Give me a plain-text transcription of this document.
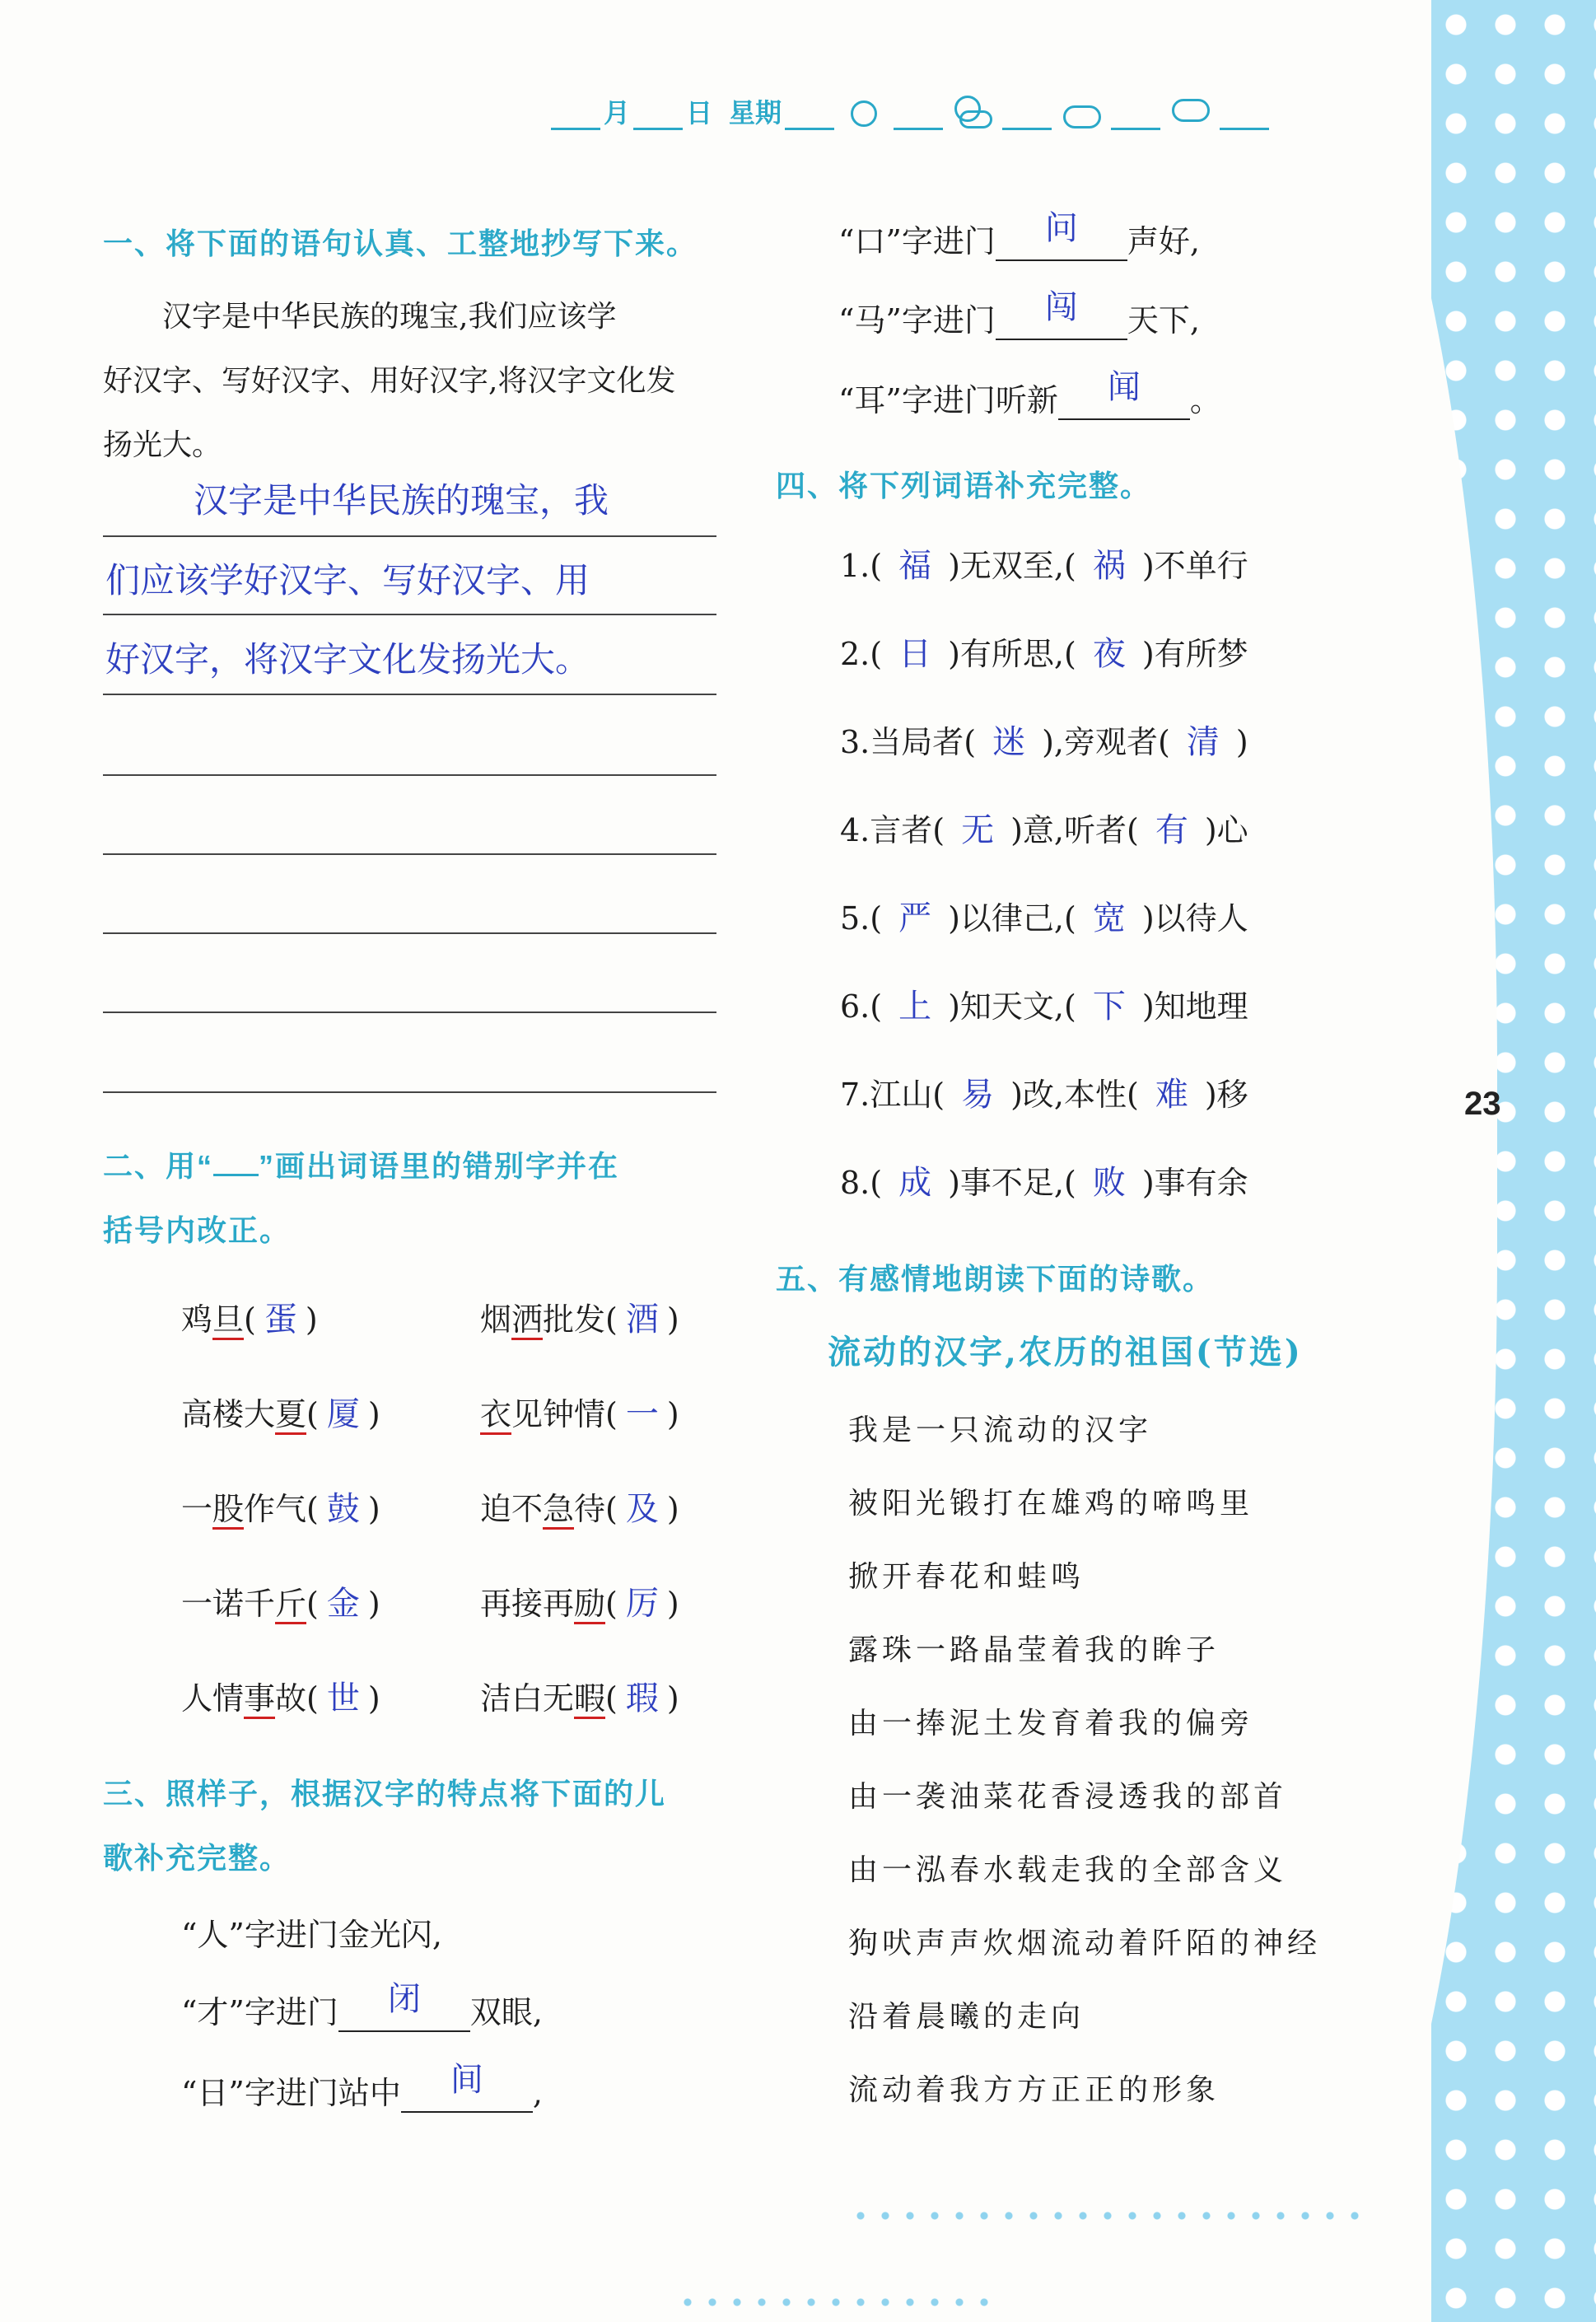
23
月 日 星期
一、将下面的语句认真、工整地抄写下来。
汉字是中华民族的瑰宝,我们应该学
好汉字、写好汉字、用好汉字,将汉字文化发
扬光大。
汉字是中华民族的瑰宝，我
们应该学好汉字、写好汉字、用
好汉字，将汉字文化发扬光大。
二、用“ ”画出词语里的错别字并在
括号内改正。
鸡旦( 蛋 )	烟洒批发( 酒 )
高楼大夏( 厦 )	衣见钟情( 一 )
一股作气( 鼓 )	迫不急待( 及 )
一诺千斤( 金 )	再接再励( 厉 )
人情事故( 世 )	洁白无暇( 瑕 )
三、照样子，根据汉字的特点将下面的儿
歌补充完整。
“人”字进门金光闪,
“才”字进门	闭	双眼,
“日”字进门站中	间	,
“口”字进门	问	声好,
“马”字进门	闯	天下,
“耳”字进门听新	闻	。
四、将下列词语补充完整。
1.( 福 )无双至,( 祸 )不单行
2.( 日 )有所思,( 夜 )有所梦
3.当局者( 迷 ),旁观者( 清 )
4.言者( 无 )意,听者( 有 )心
5.( 严 )以律己,( 宽 )以待人
6.( 上 )知天文,( 下 )知地理
7.江山( 易 )改,本性( 难 )移
8.( 成 )事不足,( 败 )事有余
五、有感情地朗读下面的诗歌。
流动的汉字,农历的祖国(节选)
我是一只流动的汉字
被阳光锻打在雄鸡的啼鸣里
掀开春花和蛙鸣
露珠一路晶莹着我的眸子
由一捧泥土发育着我的偏旁
由一袭油菜花香浸透我的部首
由一泓春水载走我的全部含义
狗吠声声炊烟流动着阡陌的神经
沿着晨曦的走向
流动着我方方正正的形象
